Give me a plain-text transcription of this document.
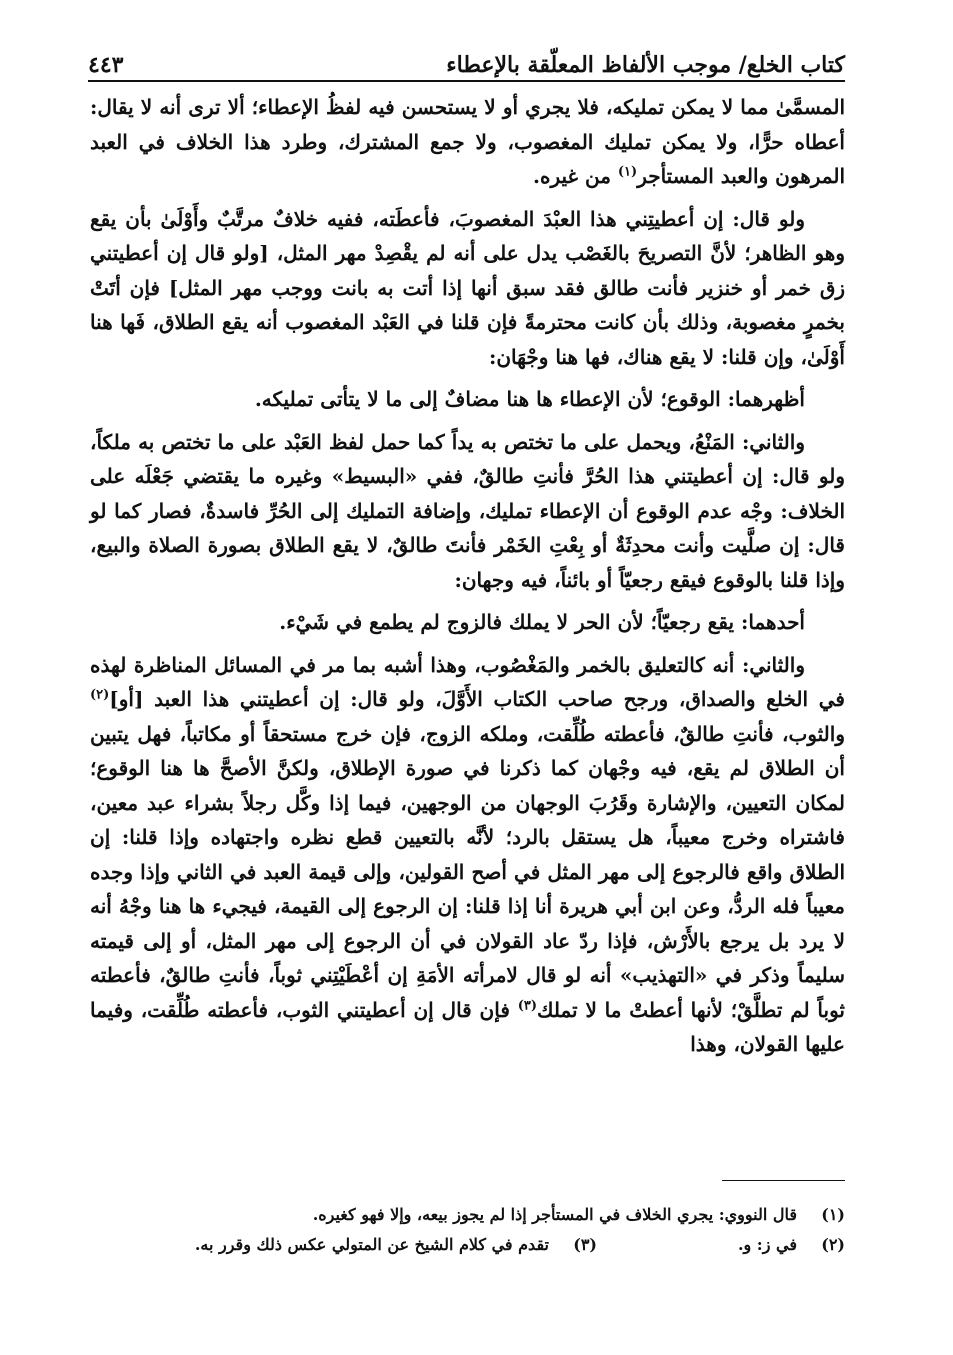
كتاب الخلع/ موجب الألفاظ المعلّقة بالإعطاء
٤٤٣

المسمَّىٰ مما لا يمكن تمليكه، فلا يجري أو لا يستحسن فيه لفظُ الإعطاء؛ ألا ترى أنه لا يقال: أعطاه حرًّا، ولا يمكن تمليك المغصوب، ولا جمع المشترك، وطرد هذا الخلاف في العبد المرهون والعبد المستأجر$^{(١)}$ من غيره.

ولو قال: إن أعطيتِني هذا العبْدَ المغصوبَ، فأعطَته، ففيه خلافٌ مرتَّبٌ وأَوْلَىٰ بأن يقع وهو الظاهر؛ لأنَّ التصريحَ بالغَصْب يدل على أنه لم يقْصِدْ مهر المثل، [ولو قال إن أعطيتني زق خمر أو خنزير فأنت طالق فقد سبق أنها إذا أتت به بانت ووجب مهر المثل] فإن أتَتْ بخمرٍ مغصوبة، وذلك بأن كانت محترمةً فإن قلنا في العَبْد المغصوب أنه يقع الطلاق، فَها هنا أَوْلَىٰ، وإن قلنا: لا يقع هناك، فها هنا وجْهَان:

أظهرهما: الوقوع؛ لأن الإعطاء ها هنا مضافٌ إلى ما لا يتأتى تمليكه.

والثاني: المَنْعُ، ويحمل على ما تختص به يداً كما حمل لفظ العَبْد على ما تختص به ملكاً، ولو قال: إن أعطيتني هذا الحُرَّ فأنتِ طالقٌ، ففي «البسيط» وغيره ما يقتضي جَعْلَه على الخلاف: وجْه عدم الوقوع أن الإعطاء تمليك، وإضافة التمليك إلى الحُرِّ فاسدةٌ، فصار كما لو قال: إن صلَّيت وأنت محدِثَةٌ أو بِعْتِ الخَمْر فأنتَ طالقٌ، لا يقع الطلاق بصورة الصلاة والبيع، وإذا قلنا بالوقوع فيقع رجعيّاً أو بائناً، فيه وجهان:

أحدهما: يقع رجعيّاً؛ لأن الحر لا يملك فالزوج لم يطمع في شَيْء.

والثاني: أنه كالتعليق بالخمر والمَغْصُوب، وهذا أشبه بما مر في المسائل المناظرة لهذه في الخلع والصداق، ورجح صاحب الكتاب الأَوَّلَ، ولو قال: إن أعطيتني هذا العبد [أو]$^{(٢)}$ والثوب، فأنتِ طالقٌ، فأعطته طُلِّقت، وملكه الزوج، فإن خرج مستحقاً أو مكاتباً، فهل يتبين أن الطلاق لم يقع، فيه وجْهان كما ذكرنا في صورة الإطلاق، ولكنَّ الأصحَّ ها هنا الوقوع؛ لمكان التعيين، والإشارة وقَرُبَ الوجهان من الوجهين، فيما إذا وكَّل رجلاً بشراء عبد معين، فاشتراه وخرج معيباً، هل يستقل بالرد؛ لأنَّه بالتعيين قطع نظره واجتهاده وإذا قلنا: إن الطلاق واقع فالرجوع إلى مهر المثل في أصح القولين، وإلى قيمة العبد في الثاني وإذا وجده معيباً فله الردُّ، وعن ابن أبي هريرة أنا إذا قلنا: إن الرجوع إلى القيمة، فيجيء ها هنا وجْهُ أنه لا يرد بل يرجع بالأَرْش، فإذا ردّ عاد القولان في أن الرجوع إلى مهر المثل، أو إلى قيمته سليماً وذكر في «التهذيب» أنه لو قال لامرأته الأمَةِ إن أعْطَيْتِني ثوباً، فأنتِ طالقٌ، فأعطته ثوباً لم تطلَّقْ؛ لأنها أعطتْ ما لا تملك$^{(٣)}$ فإن قال إن أعطيتني الثوب، فأعطته طُلِّقت، وفيما عليها القولان، وهذا

(١)
قال النووي: يجري الخلاف في المستأجر إذا لم يجوز بيعه، وإلا فهو كغيره.
(٢)
في ز: و.
(٣)
تقدم في كلام الشيخ عن المتولي عكس ذلك وقرر به.
